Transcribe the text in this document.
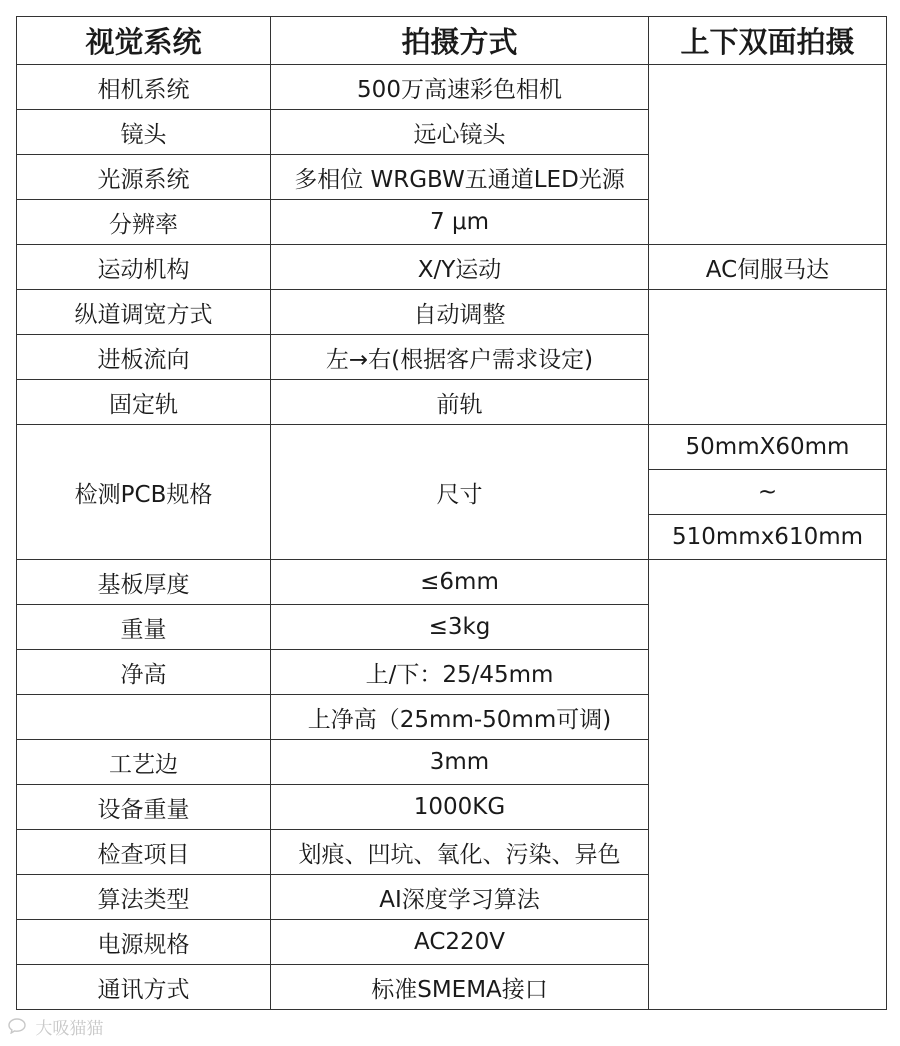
视觉系统	拍摄方式	上下双面拍摄
相机系统	500万高速彩色相机	
镜头	远心镜头	
光源系统	多相位 WRGBW五通道LED光源	
分辨率	7 μm	
运动机构	X/Y运动	AC伺服马达
纵道调宽方式	自动调整	
进板流向	左→右(根据客户需求设定)	
固定轨	前轨	
检测PCB规格	尺寸	50mmX60mm
		~
		510mmx610mm
基板厚度	≤6mm	
重量	≤3kg	
净高	上/下：25/45mm	
	上净高（25mm-50mm可调)	
工艺边	3mm	
设备重量	1000KG	
检查项目	划痕、凹坑、氧化、污染、异色	
算法类型	AI深度学习算法	
电源规格	AC220V	
通讯方式	标准SMEMA接口	
大吸猫猫
